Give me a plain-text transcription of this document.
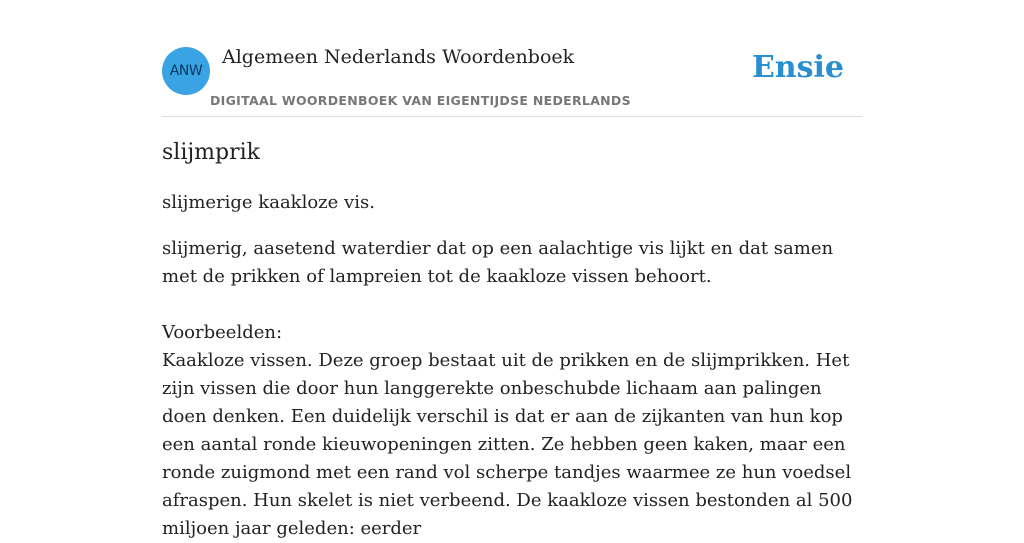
ANW
Algemeen Nederlands Woordenboek
DIGITAAL WOORDENBOEK VAN EIGENTIJDSE NEDERLANDS
Ensie
slijmprik

slijmerige kaakloze vis.

slijmerig, aasetend waterdier dat op een aalachtige vis lijkt en dat samen met de prikken of lampreien tot de kaakloze vissen behoort.

Voorbeelden:

Kaakloze vissen. Deze groep bestaat uit de prikken en de slijmprikken. Het zijn vissen die door hun langgerekte onbeschubde lichaam aan palingen doen denken. Een duidelijk verschil is dat er aan de zijkanten van hun kop een aantal ronde kieuwopeningen zitten. Ze hebben geen kaken, maar een ronde zuigmond met een rand vol scherpe tandjes waarmee ze hun voedsel afraspen. Hun skelet is niet verbeend. De kaakloze vissen bestonden al 500 miljoen jaar geleden: eerder
